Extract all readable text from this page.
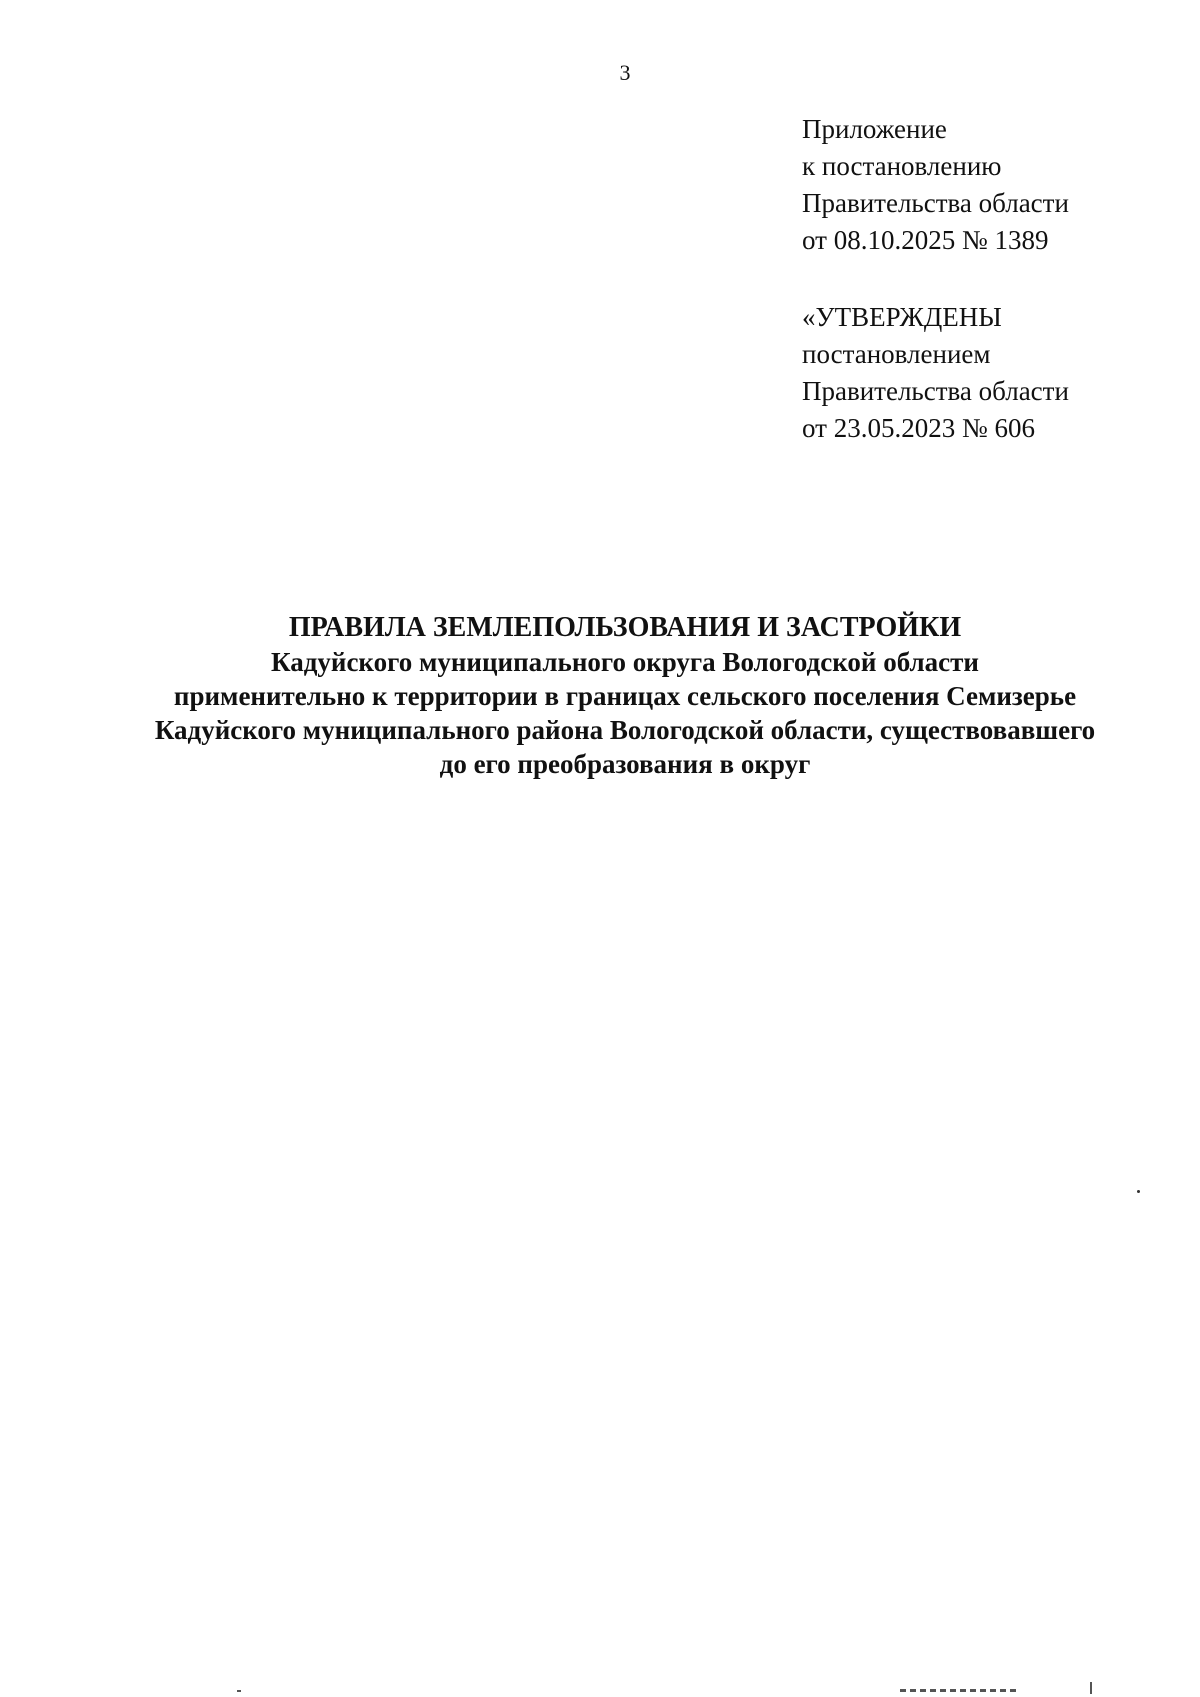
3
Приложение
к постановлению
Правительства области
от 08.10.2025 № 1389
«УТВЕРЖДЕНЫ
постановлением
Правительства области
от 23.05.2023 № 606
ПРАВИЛА ЗЕМЛЕПОЛЬЗОВАНИЯ И ЗАСТРОЙКИ
Кадуйского муниципального округа Вологодской области
применительно к территории в границах сельского поселения Семизерье
Кадуйского муниципального района Вологодской области, существовавшего
до его преобразования в округ
